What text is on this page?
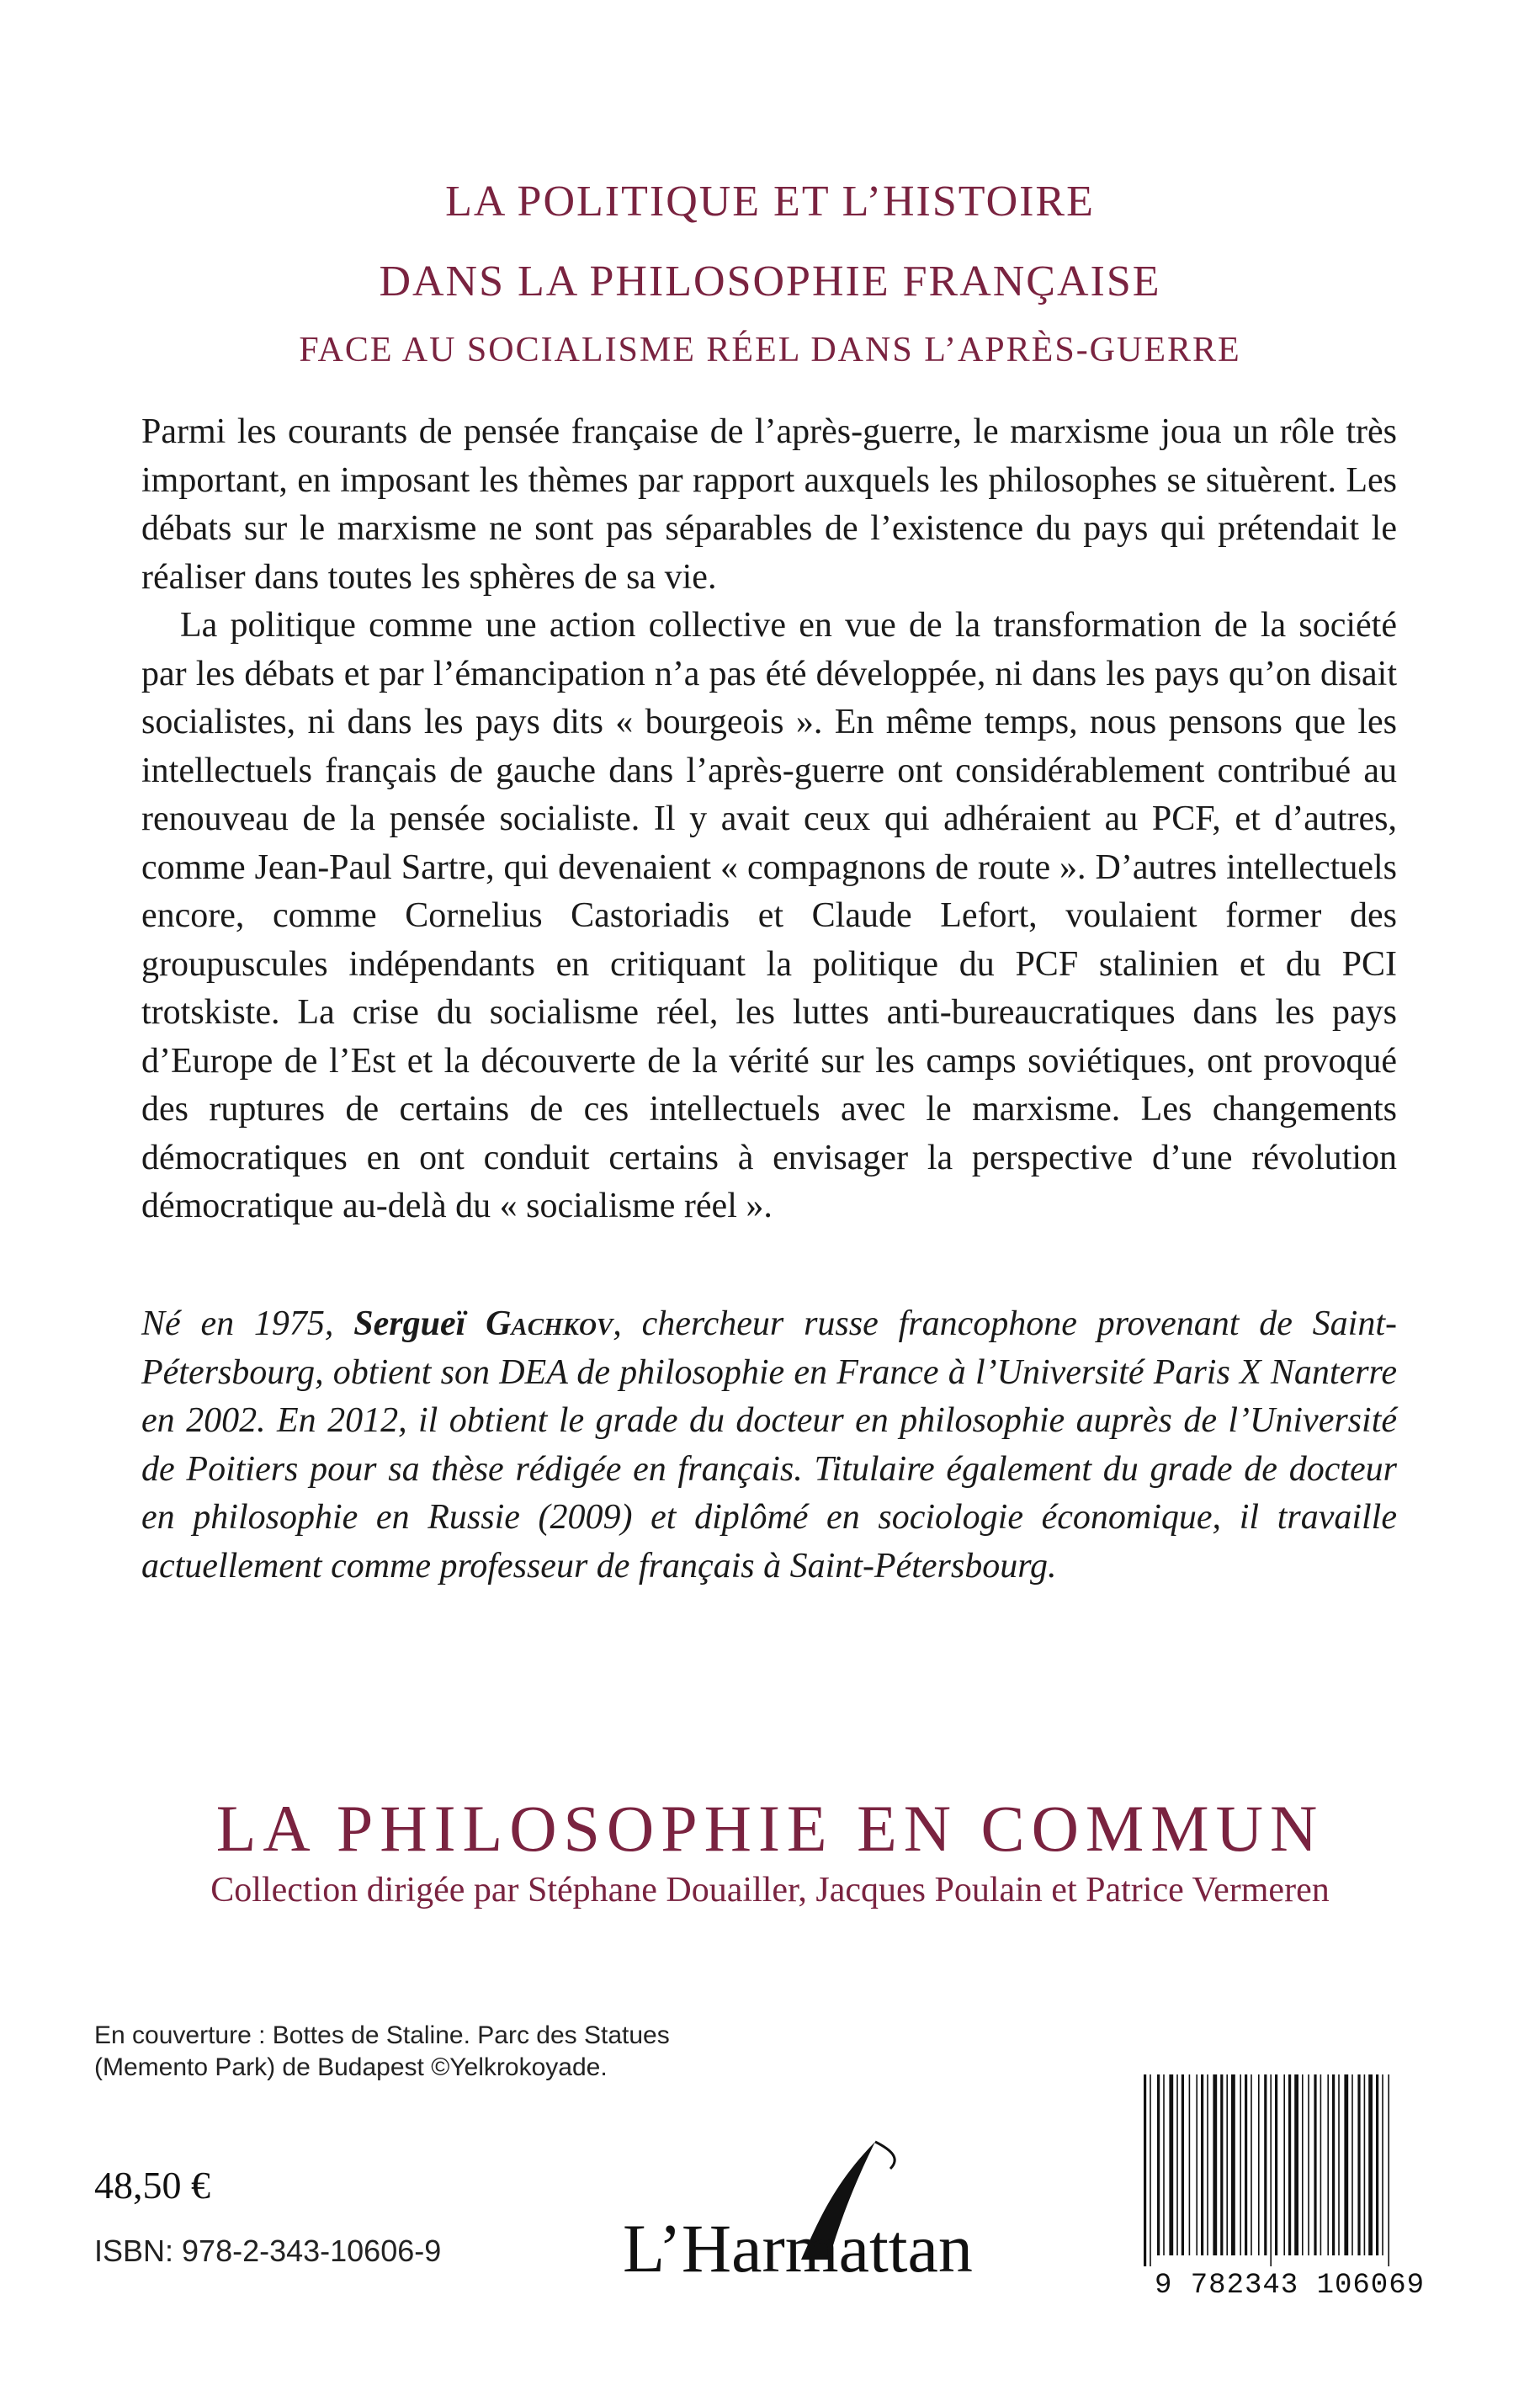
LA POLITIQUE ET L’HISTOIRE
DANS LA PHILOSOPHIE FRANÇAISE
FACE AU SOCIALISME RÉEL DANS L’APRÈS-GUERRE

Parmi les courants de pensée française de l’après-guerre, le marxisme joua un rôle très important, en imposant les thèmes par rapport auxquels les philosophes se situèrent. Les débats sur le marxisme ne sont pas séparables de l’existence du pays qui prétendait le réaliser dans toutes les sphères de sa vie.

La politique comme une action collective en vue de la transformation de la société par les débats et par l’émancipation n’a pas été développée, ni dans les pays qu’on disait socialistes, ni dans les pays dits « bourgeois ». En même temps, nous pensons que les intellectuels français de gauche dans l’après-guerre ont considérablement contribué au renouveau de la pensée socialiste. Il y avait ceux qui adhéraient au PCF, et d’autres, comme Jean-Paul Sartre, qui devenaient « compagnons de route ». D’autres intellectuels encore, comme Cornelius Castoriadis et Claude Lefort, voulaient former des groupuscules indépendants en critiquant la politique du PCF stalinien et du PCI trotskiste. La crise du socialisme réel, les luttes anti-bureaucratiques dans les pays d’Europe de l’Est et la découverte de la vérité sur les camps soviétiques, ont provoqué des ruptures de certains de ces intellectuels avec le marxisme. Les changements démocratiques en ont conduit certains à envisager la perspective d’une révolution démocratique au-delà du « socialisme réel ».

Né en 1975, Sergueï Gachkov, chercheur russe francophone provenant de Saint-Pétersbourg, obtient son DEA de philosophie en France à l’Université Paris X Nanterre en 2002. En 2012, il obtient le grade du docteur en philosophie auprès de l’Université de Poitiers pour sa thèse rédigée en français. Titulaire également du grade de docteur en philosophie en Russie (2009) et diplômé en sociologie économique, il travaille actuellement comme professeur de français à Saint-Pétersbourg.

LA PHILOSOPHIE EN COMMUN
Collection dirigée par Stéphane Douailler, Jacques Poulain et Patrice Vermeren
En couverture : Bottes de Staline. Parc des Statues
(Memento Park) de Budapest ©Yelkrokoyade.
48,50 €
ISBN: 978-2-343-10606-9	L’Harmattan	9 782343 106069
